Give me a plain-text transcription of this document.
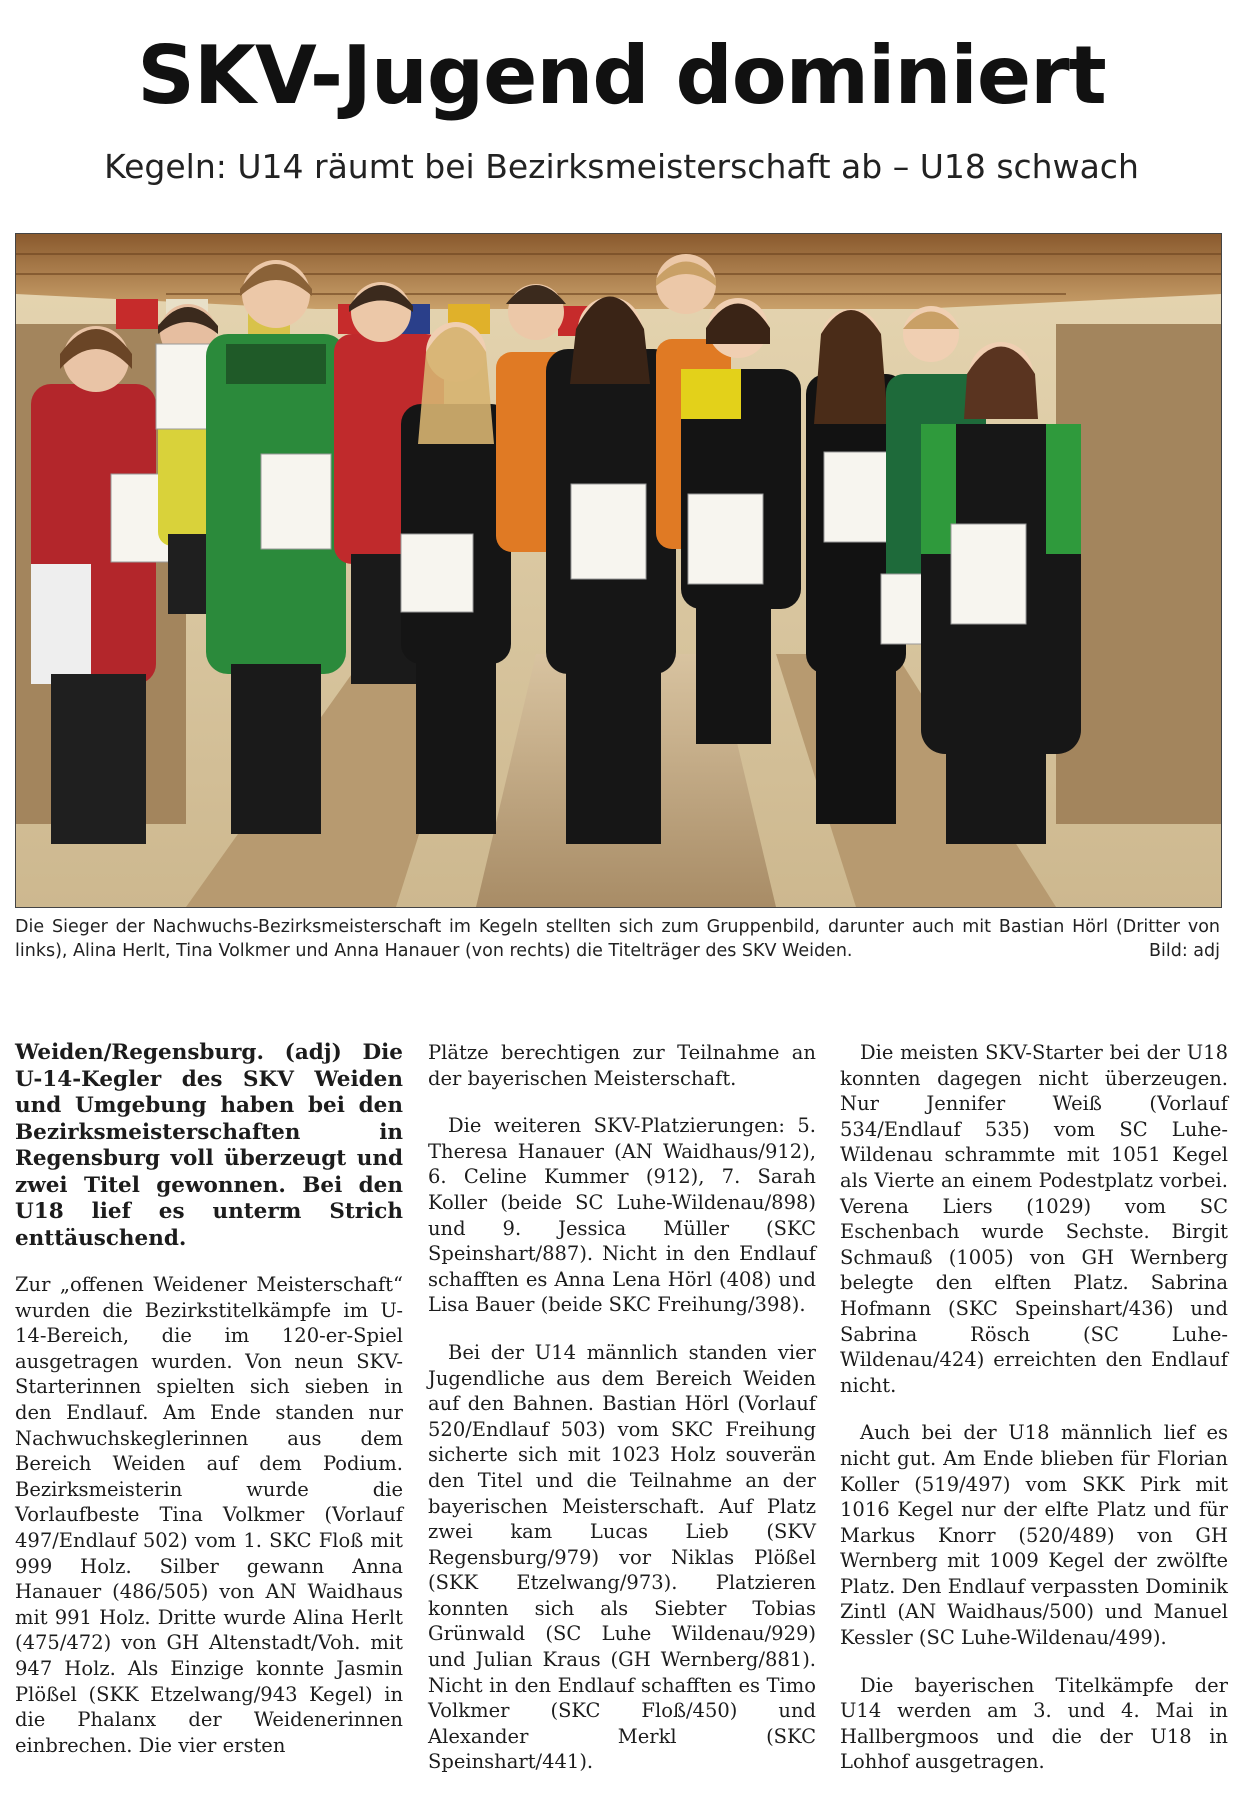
SKV-Jugend dominiert
Kegeln: U14 räumt bei Bezirksmeisterschaft ab – U18 schwach
Die Sieger der Nachwuchs-Bezirksmeisterschaft im Kegeln stellten sich zum Gruppenbild, darunter auch mit Bastian Hörl (Dritter von links), Alina Herlt, Tina Volkmer und Anna Hanauer (von rechts) die Titelträger des SKV Weiden.	Bild: adj

Weiden/Regensburg. (adj) Die U-14-Kegler des SKV Weiden und Umgebung haben bei den Bezirksmeisterschaften in Regensburg voll überzeugt und zwei Titel gewonnen. Bei den U18 lief es unterm Strich enttäuschend.

Zur „offenen Weidener Meisterschaft“ wurden die Bezirkstitelkämpfe im U-14-Bereich, die im 120-er-Spiel ausgetragen wurden. Von neun SKV-Starterinnen spielten sich sieben in den Endlauf. Am Ende standen nur Nachwuchskeglerinnen aus dem Bereich Weiden auf dem Podium. Bezirksmeisterin wurde die Vorlaufbeste Tina Volkmer (Vorlauf 497/Endlauf 502) vom 1. SKC Floß mit 999 Holz. Silber gewann Anna Hanauer (486/505) von AN Waidhaus mit 991 Holz. Dritte wurde Alina Herlt (475/472) von GH Altenstadt/Voh. mit 947 Holz. Als Einzige konnte Jasmin Plößel (SKK Etzelwang/943 Kegel) in die Phalanx der Weidenerinnen einbrechen. Die vier ersten

Plätze berechtigen zur Teilnahme an der bayerischen Meisterschaft.

Die weiteren SKV-Platzierungen: 5. Theresa Hanauer (AN Waidhaus/912), 6. Celine Kummer (912), 7. Sarah Koller (beide SC Luhe-Wildenau/898) und 9. Jessica Müller (SKC Speinshart/887). Nicht in den Endlauf schafften es Anna Lena Hörl (408) und Lisa Bauer (beide SKC Freihung/398).

Bei der U14 männlich standen vier Jugendliche aus dem Bereich Weiden auf den Bahnen. Bastian Hörl (Vorlauf 520/Endlauf 503) vom SKC Freihung sicherte sich mit 1023 Holz souverän den Titel und die Teilnahme an der bayerischen Meisterschaft. Auf Platz zwei kam Lucas Lieb (SKV Regensburg/979) vor Niklas Plößel (SKK Etzelwang/973). Platzieren konnten sich als Siebter Tobias Grünwald (SC Luhe Wildenau/929) und Julian Kraus (GH Wernberg/881). Nicht in den Endlauf schafften es Timo Volkmer (SKC Floß/450) und Alexander Merkl (SKC Speinshart/441).

Die meisten SKV-Starter bei der U18 konnten dagegen nicht überzeugen. Nur Jennifer Weiß (Vorlauf 534/Endlauf 535) vom SC Luhe-Wildenau schrammte mit 1051 Kegel als Vierte an einem Podestplatz vorbei. Verena Liers (1029) vom SC Eschenbach wurde Sechste. Birgit Schmauß (1005) von GH Wernberg belegte den elften Platz. Sabrina Hofmann (SKC Speinshart/436) und Sabrina Rösch (SC Luhe-Wildenau/424) erreichten den Endlauf nicht.

Auch bei der U18 männlich lief es nicht gut. Am Ende blieben für Florian Koller (519/497) vom SKK Pirk mit 1016 Kegel nur der elfte Platz und für Markus Knorr (520/489) von GH Wernberg mit 1009 Kegel der zwölfte Platz. Den Endlauf verpassten Dominik Zintl (AN Waidhaus/500) und Manuel Kessler (SC Luhe-Wildenau/499).

Die bayerischen Titelkämpfe der U14 werden am 3. und 4. Mai in Hallbergmoos und die der U18 in Lohhof ausgetragen.
